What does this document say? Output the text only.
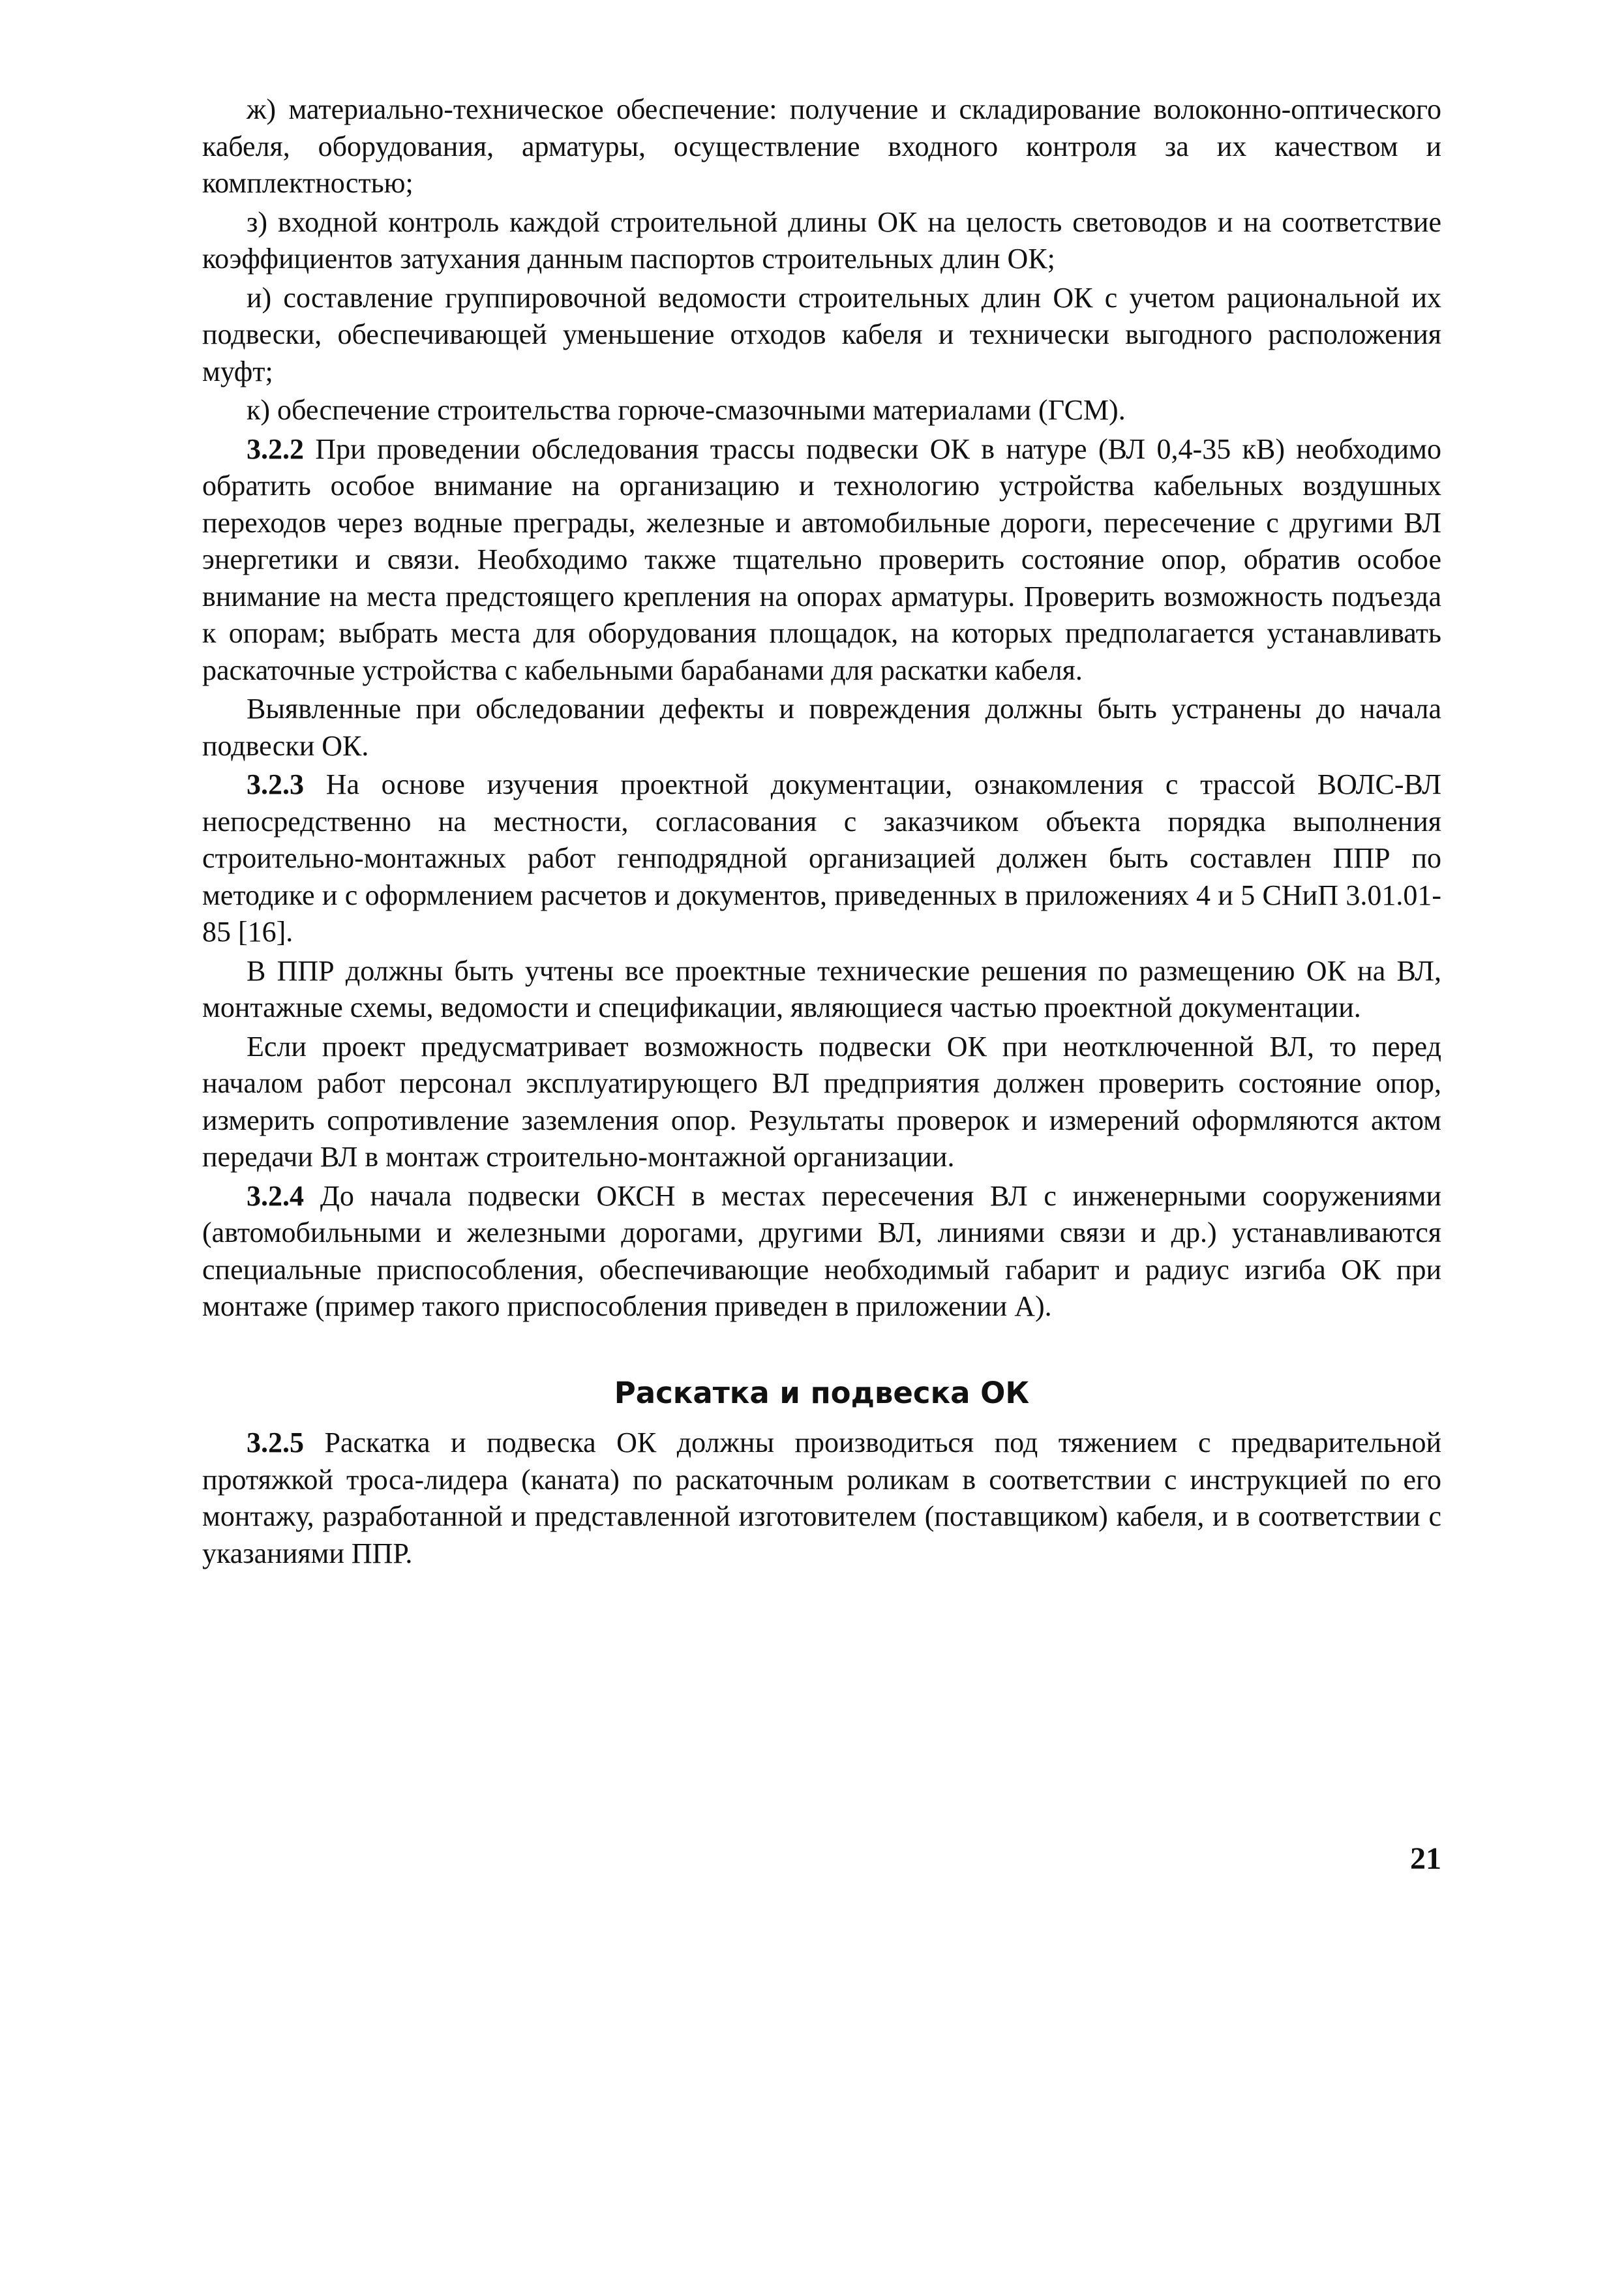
ж) материально-техническое обеспечение: получение и складирование волоконно-оптического кабеля, оборудования, арматуры, осуществление входного контроля за их качеством и комплектностью;

з) входной контроль каждой строительной длины ОК на целость световодов и на соответствие коэффициентов затухания данным паспортов строительных длин ОК;

и) составление группировочной ведомости строительных длин ОК с учетом рациональной их подвески, обеспечивающей уменьшение отходов кабеля и технически выгодного расположения муфт;

к) обеспечение строительства горюче-смазочными материалами (ГСМ).

3.2.2 При проведении обследования трассы подвески ОК в натуре (ВЛ 0,4-35 кВ) необходимо обратить особое внимание на организацию и технологию устройства кабельных воздушных переходов через водные преграды, железные и автомобильные дороги, пересечение с другими ВЛ энергетики и связи. Необходимо также тщательно проверить состояние опор, обратив особое внимание на места предстоящего крепления на опорах арматуры. Проверить возможность подъезда к опорам; выбрать места для оборудования площадок, на которых предполагается устанавливать раскаточные устройства с кабельными барабанами для раскатки кабеля.

Выявленные при обследовании дефекты и повреждения должны быть устранены до начала подвески ОК.

3.2.3 На основе изучения проектной документации, ознакомления с трассой ВОЛС-ВЛ непосредственно на местности, согласования с заказчиком объекта порядка выполнения строительно-монтажных работ генподрядной организацией должен быть составлен ППР по методике и с оформлением расчетов и документов, приведенных в приложениях 4 и 5 СНиП 3.01.01-85 [16].

В ППР должны быть учтены все проектные технические решения по размещению ОК на ВЛ, монтажные схемы, ведомости и спецификации, являющиеся частью проектной документации.

Если проект предусматривает возможность подвески ОК при неотключенной ВЛ, то перед началом работ персонал эксплуатирующего ВЛ предприятия должен проверить состояние опор, измерить сопротивление заземления опор. Результаты проверок и измерений оформляются актом передачи ВЛ в монтаж строительно-монтажной организации.

3.2.4 До начала подвески ОКСН в местах пересечения ВЛ с инженерными сооружениями (автомобильными и железными дорогами, другими ВЛ, линиями связи и др.) устанавливаются специальные приспособления, обеспечивающие необходимый габарит и радиус изгиба ОК при монтаже (пример такого приспособления приведен в приложении А).

Раскатка и подвеска ОК

3.2.5 Раскатка и подвеска ОК должны производиться под тяжением с предварительной протяжкой троса-лидера (каната) по раскаточным роликам в соответствии с инструкцией по его монтажу, разработанной и представленной изготовителем (поставщиком) кабеля, и в соответствии с указаниями ППР.

21
